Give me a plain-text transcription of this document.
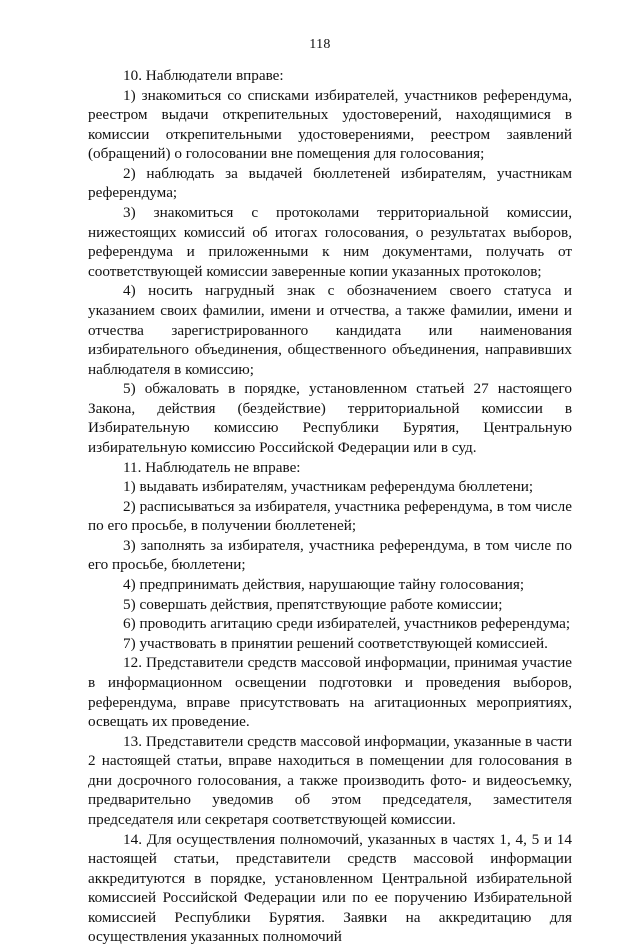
118

10. Наблюдатели вправе:

1) знакомиться со списками избирателей, участников референдума, реестром выдачи открепительных удостоверений, находящимися в комиссии открепительными удостоверениями, реестром заявлений (обращений) о голосовании вне помещения для голосования;

2) наблюдать за выдачей бюллетеней избирателям, участникам референдума;

3) знакомиться с протоколами территориальной комиссии, нижестоящих комиссий об итогах голосования, о результатах выборов, референдума и приложенными к ним документами, получать от соответствующей комиссии заверенные копии указанных протоколов;

4) носить нагрудный знак с обозначением своего статуса и указанием своих фамилии, имени и отчества, а также фамилии, имени и отчества зарегистрированного кандидата или наименования избирательного объединения, общественного объединения, направивших наблюдателя в комиссию;

5) обжаловать в порядке, установленном статьей 27 настоящего Закона, действия (бездействие) территориальной комиссии в Избирательную комиссию Республики Бурятия, Центральную избирательную комиссию Российской Федерации или в суд.

11. Наблюдатель не вправе:

1) выдавать избирателям, участникам референдума бюллетени;

2) расписываться за избирателя, участника референдума, в том числе по его просьбе, в получении бюллетеней;

3) заполнять за избирателя, участника референдума, в том числе по его просьбе, бюллетени;

4) предпринимать действия, нарушающие тайну голосования;

5) совершать действия, препятствующие работе комиссии;

6) проводить агитацию среди избирателей, участников референдума;

7) участвовать в принятии решений соответствующей комиссией.

12. Представители средств массовой информации, принимая участие в информационном освещении подготовки и проведения выборов, референдума, вправе присутствовать на агитационных мероприятиях, освещать их проведение.

13. Представители средств массовой информации, указанные в части 2 настоящей статьи, вправе находиться в помещении для голосования в дни досрочного голосования, а также производить фото- и видеосъемку, предварительно уведомив об этом председателя, заместителя председателя или секретаря соответствующей комиссии.

14. Для осуществления полномочий, указанных в частях 1, 4, 5 и 14 настоящей статьи, представители средств массовой информации аккредитуются в порядке, установленном Центральной избирательной комиссией Российской Федерации или по ее поручению Избирательной комиссией Республики Бурятия. Заявки на аккредитацию для осуществления указанных полномочий
